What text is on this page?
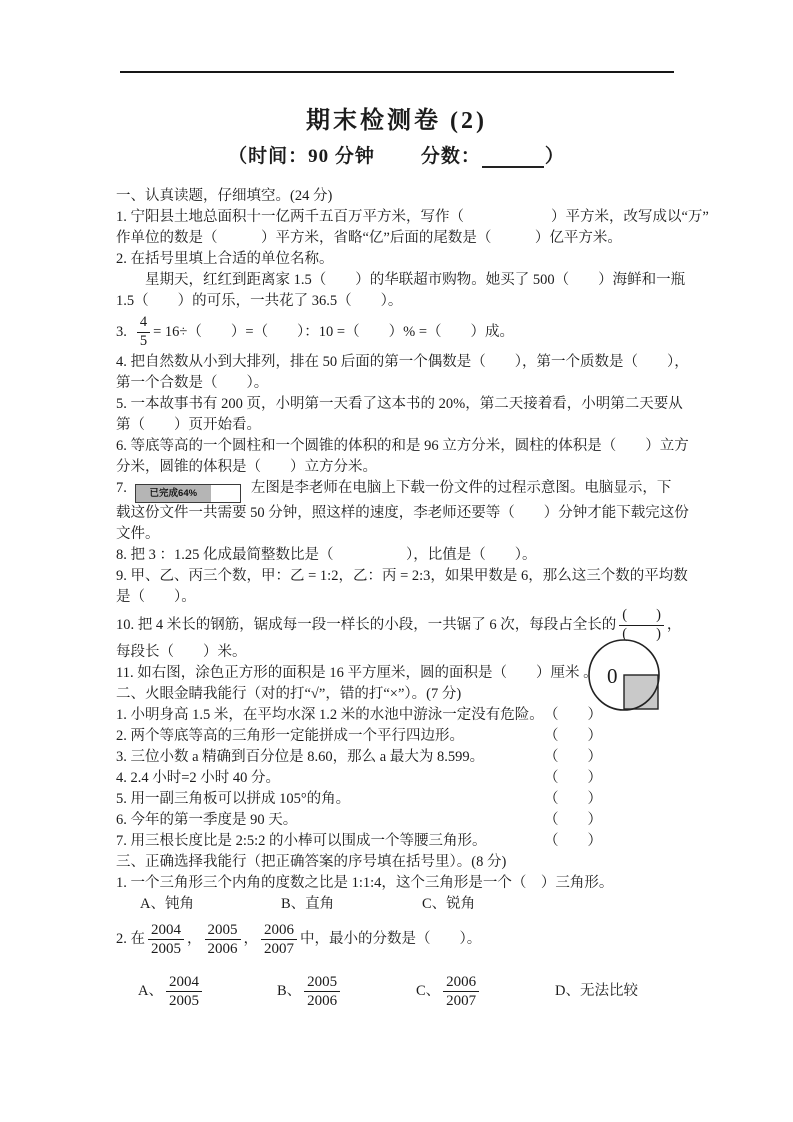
期末检测卷 (2)
（时间：90 分钟 分数：	）

一、认真读题，仔细填空。(24 分)

1. 宁阳县土地总面积十一亿两千五百万平方米，写作（　　　　　　）平方米，改写成以“万”

作单位的数是（　　　）平方米，省略“亿”后面的尾数是（　　　）亿平方米。

2. 在括号里填上合适的单位名称。

　　星期天，红红到距离家 1.5（　　）的华联超市购物。她买了 500（　　）海鲜和一瓶

1.5（　　）的可乐，一共花了 36.5（　　）。

3. $\frac{4}{5} = 16\div$（　　）=（　　）：10 =（　　）% =（　　）成。

4. 把自然数从小到大排列，排在 50 后面的第一个偶数是（　　），第一个质数是（　　），

第一个合数是（　　）。

5. 一本故事书有 200 页，小明第一天看了这本书的 20%，第二天接着看，小明第二天要从

第（　　）页开始看。

6. 等底等高的一个圆柱和一个圆锥的体积的和是 96 立方分米，圆柱的体积是（　　）立方

分米，圆锥的体积是（　　）立方分米。

7. 已完成64%	左图是李老师在电脑上下载一份文件的过程示意图。电脑显示，下

载这份文件一共需要 50 分钟，照这样的速度，李老师还要等（　　）分钟才能下载完这份

文件。

8. 把 3 ：1.25 化成最简整数比是（　　　　　），比值是（　　）。

9. 甲、乙、丙三个数，甲：乙 = 1:2，乙：丙 = 2:3，如果甲数是 6，那么这三个数的平均数

是（　　）。

10. 把 4 米长的钢筋，锯成每一段一样长的小段，一共锯了 6 次，每段占全长的 $\frac{( )}{( )}$ ，

每段长（　　）米。

11. 如右图，涂色正方形的面积是 16 平方厘米，圆的面积是（　　）厘米 。

二、火眼金睛我能行（对的打“√”，错的打“×”）。(7 分)

1. 小明身高 1.5 米，在平均水深 1.2 米的水池中游泳一定没有危险。 （　　）
2. 两个等底等高的三角形一定能拼成一个平行四边形。	（　　）
3. 三位小数 a 精确到百分位是 8.60，那么 a 最大为 8.599。	（　　）
4. 2.4 小时=2 小时 40 分。	（　　）
5. 用一副三角板可以拼成 105°的角。	（　　）
6. 今年的第一季度是 90 天。	（　　）
7. 用三根长度比是 2:5:2 的小棒可以围成一个等腰三角形。	（　　）

三、正确选择我能行（把正确答案的序号填在括号里）。(8 分)

1. 一个三角形三个内角的度数之比是 1:1:4，这个三角形是一个（　）三角形。

A、钝角	B、直角	C、锐角
2. 在 $\frac{2004}{2005}$ ， $\frac{2005}{2006}$ ， $\frac{2006}{2007}$ 中，最小的分数是（　　）。
A、 $\frac{2004}{2005}$	B、 $\frac{2005}{2006}$	C、 $\frac{2006}{2007}$	D、 无法比较
0
